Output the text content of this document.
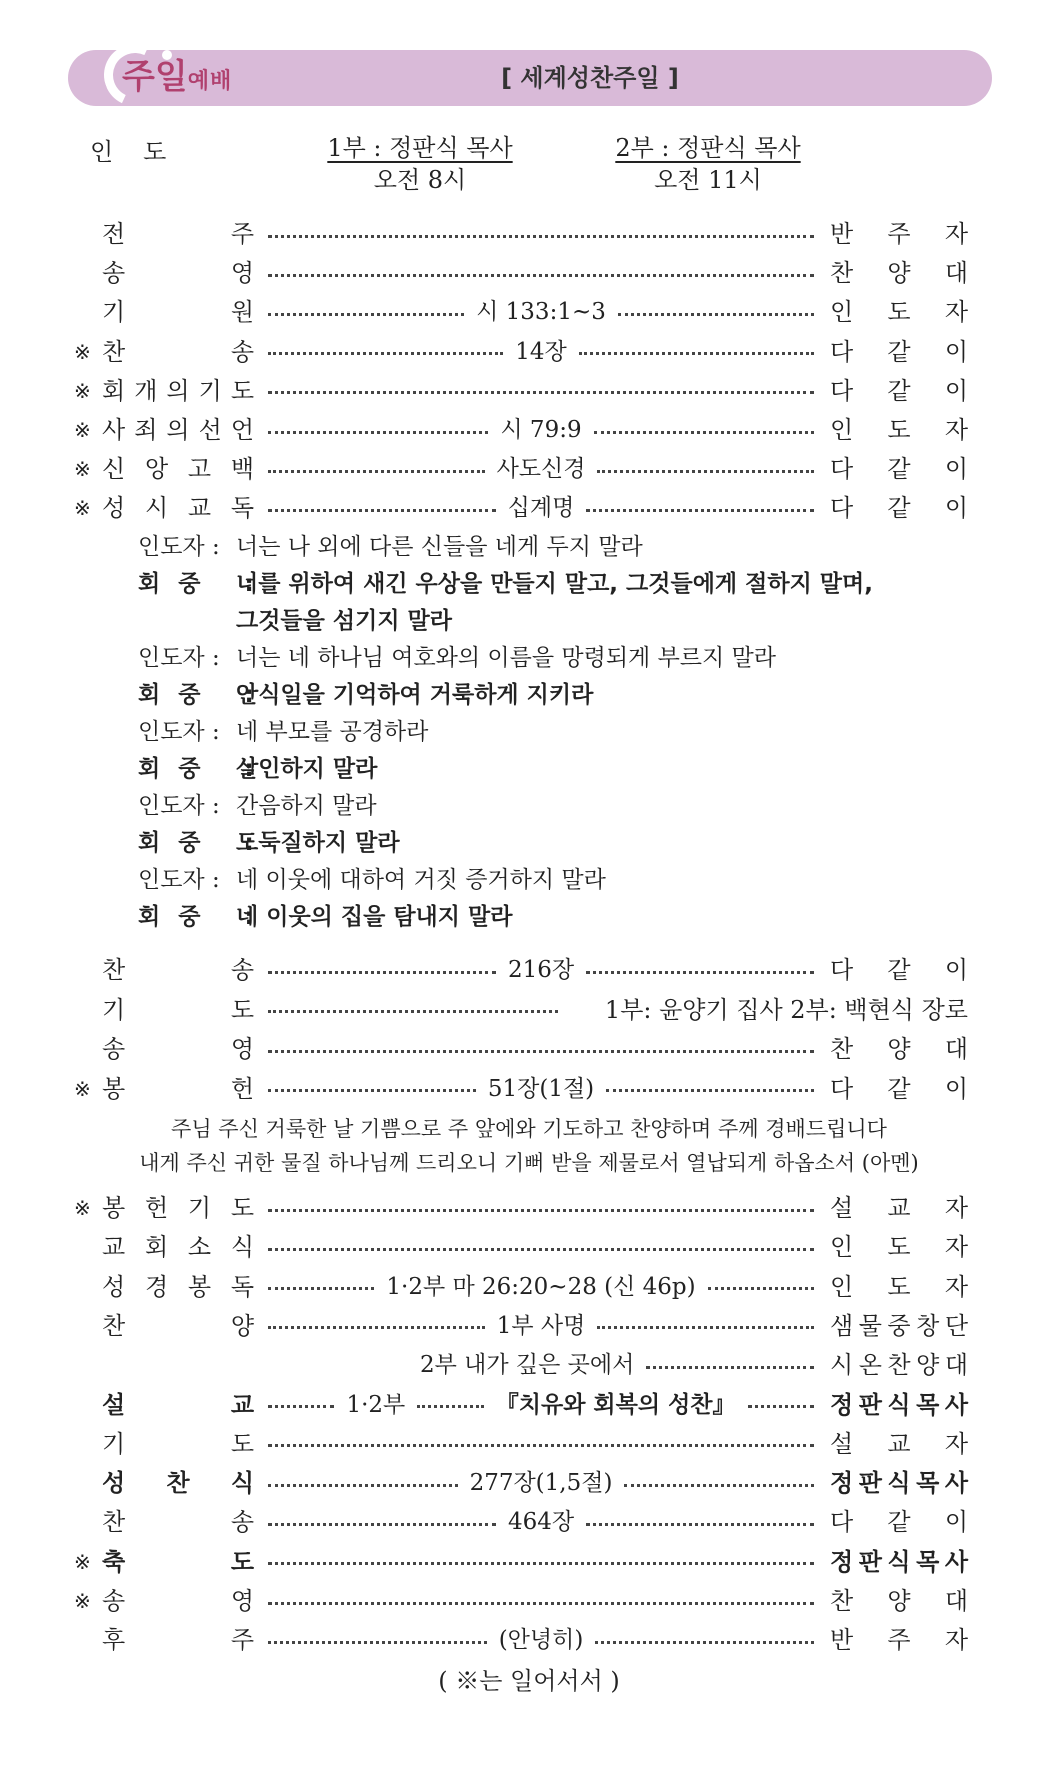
주일예배	[ 세계성찬주일 ]
인도	1부 : 정판식 목사
오전 8시
2부 : 정판식 목사
오전 11시
전	주	반 주 자
송	영	찬 양 대
기	원	시 133:1~3	인 도 자
※ 찬	송	14장	다 같 이
※ 회 개 의 기 도	다 같 이
※ 사 죄 의 선 언	시 79:9	인 도 자
※ 신 앙 고 백	사도신경	다 같 이
※ 성 시 교 독	십계명	다 같 이
인도자 : 너는 나 외에 다른 신들을 네게 두지 말라
회중 :너를 위하여 새긴 우상을 만들지 말고, 그것들에게 절하지 말며,
그것들을 섬기지 말라
인도자 : 너는 네 하나님 여호와의 이름을 망령되게 부르지 말라
회중 :안식일을 기억하여 거룩하게 지키라
인도자 : 네 부모를 공경하라
회중 :살인하지 말라
인도자 : 간음하지 말라
회중 :도둑질하지 말라
인도자 : 네 이웃에 대하여 거짓 증거하지 말라
회중 :네 이웃의 집을 탐내지 말라
찬	송	216장	다 같 이
기	도	1부: 윤양기 집사 2부: 백현식 장로
송	영	찬 양 대
※ 봉	헌	51장(1절)	다 같 이
주님 주신 거룩한 날 기쁨으로 주 앞에와 기도하고 찬양하며 주께 경배드립니다
내게 주신 귀한 물질 하나님께 드리오니 기뻐 받을 제물로서 열납되게 하옵소서 (아멘)
※ 봉 헌 기 도	설 교 자
교 회 소 식	인 도 자
성 경 봉 독	1·2부 마 26:20~28 (신 46p)	인 도 자
찬	양	1부 사명	샘 물 중 창 단
2부 내가 깊은 곳에서	시 온 찬 양 대
설	교	1·2부	『치유와 회복의 성찬』	정 판 식 목 사
기	도	설 교 자
성 찬 식	277장(1,5절)	정 판 식 목 사
찬	송	464장	다 같 이
※ 축	도	정 판 식 목 사
※ 송	영	찬 양 대
후	주	(안녕히)	반 주 자
( ※는 일어서서 )
